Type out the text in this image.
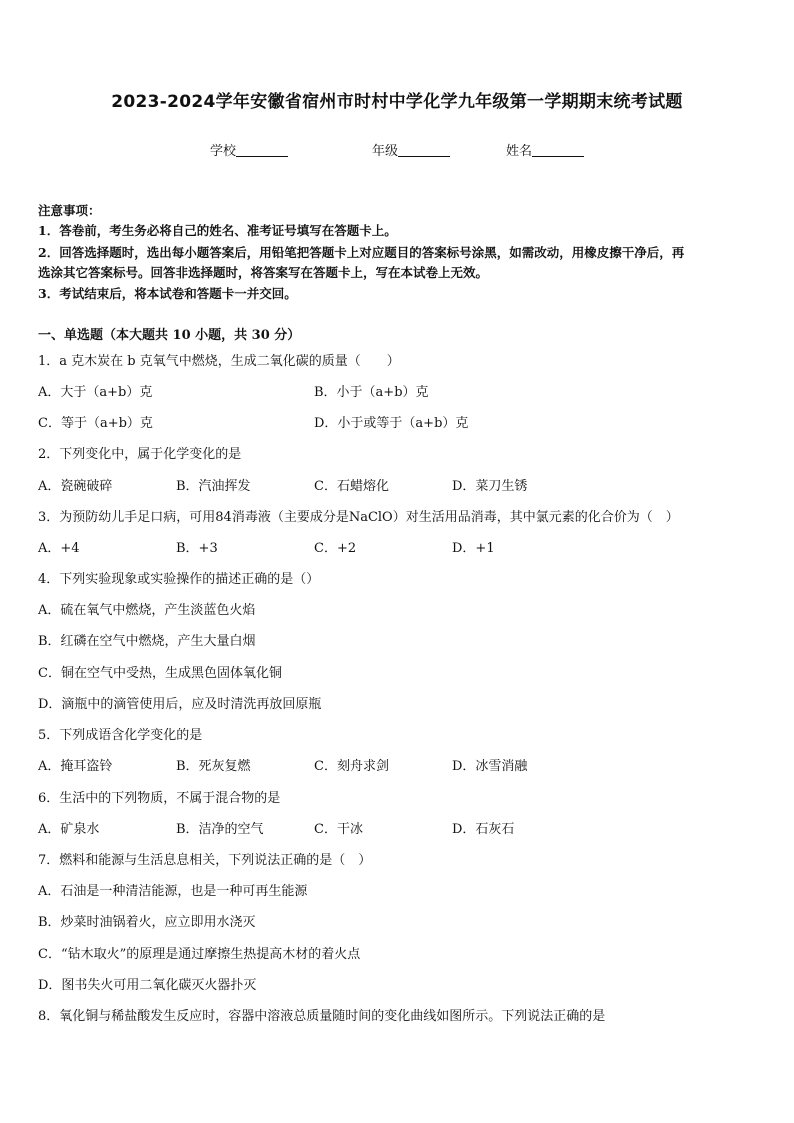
2023-2024学年安徽省宿州市时村中学化学九年级第一学期期末统考试题
学校	年级	姓名
注意事项：
1．答卷前，考生务必将自己的姓名、准考证号填写在答题卡上。
2．回答选择题时，选出每小题答案后，用铅笔把答题卡上对应题目的答案标号涂黑，如需改动，用橡皮擦干净后，再
选涂其它答案标号。回答非选择题时，将答案写在答题卡上，写在本试卷上无效。
3．考试结束后，将本试卷和答题卡一并交回。
一、单选题（本大题共 10 小题，共 30 分）
1．a 克木炭在 b 克氧气中燃烧，生成二氧化碳的质量（　　）
A．大于（a+b）克	B．小于（a+b）克
C．等于（a+b）克	D．小于或等于（a+b）克
2．下列变化中，属于化学变化的是
A．瓷碗破碎	B．汽油挥发	C．石蜡熔化	D．菜刀生锈
3．为预防幼儿手足口病，可用84消毒液（主要成分是NaClO）对生活用品消毒，其中氯元素的化合价为（　）
A．+4	B．+3	C．+2	D．+1
4．下列实验现象或实验操作的描述正确的是（）
A．硫在氧气中燃烧，产生淡蓝色火焰
B．红磷在空气中燃烧，产生大量白烟
C．铜在空气中受热，生成黑色固体氧化铜
D．滴瓶中的滴管使用后，应及时清洗再放回原瓶
5．下列成语含化学变化的是
A．掩耳盗铃	B．死灰复燃	C．刻舟求剑	D．冰雪消融
6．生活中的下列物质，不属于混合物的是
A．矿泉水	B．洁净的空气	C．干冰	D．石灰石
7．燃料和能源与生活息息相关，下列说法正确的是（　）
A．石油是一种清洁能源，也是一种可再生能源
B．炒菜时油锅着火，应立即用水浇灭
C．“钻木取火”的原理是通过摩擦生热提高木材的着火点
D．图书失火可用二氧化碳灭火器扑灭
8．氧化铜与稀盐酸发生反应时，容器中溶液总质量随时间的变化曲线如图所示。下列说法正确的是
